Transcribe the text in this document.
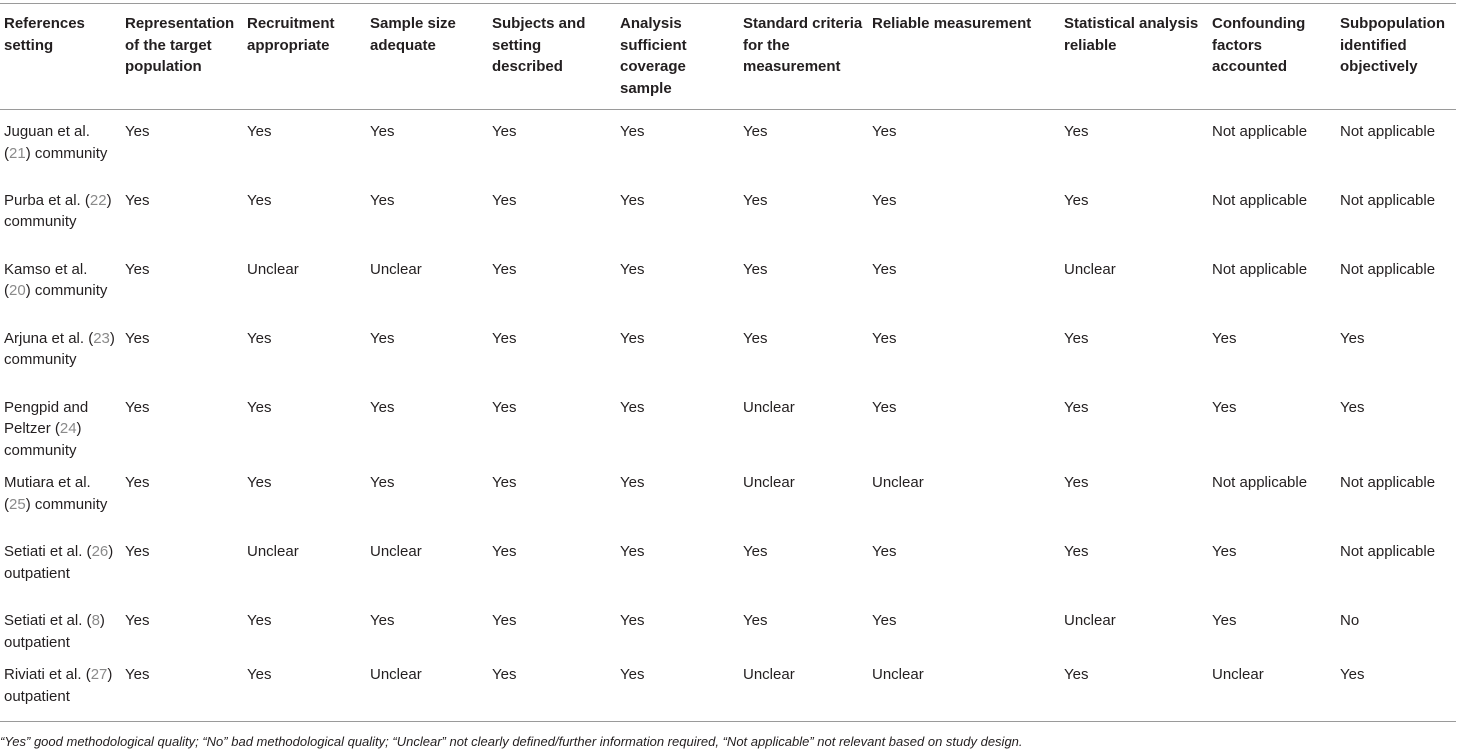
References setting	Representation of the target population	Recruitment appropriate	Sample size adequate	Subjects and setting described	Analysis sufficient coverage sample	Standard criteria for the measurement	Reliable measurement	Statistical analysis reliable	Confounding factors accounted	Subpopulation identified objectively
Juguan et al. (21) community	Yes	Yes	Yes	Yes	Yes	Yes	Yes	Yes	Not applicable	Not applicable
Purba et al. (22) community	Yes	Yes	Yes	Yes	Yes	Yes	Yes	Yes	Not applicable	Not applicable
Kamso et al. (20) community	Yes	Unclear	Unclear	Yes	Yes	Yes	Yes	Unclear	Not applicable	Not applicable
Arjuna et al. (23) community	Yes	Yes	Yes	Yes	Yes	Yes	Yes	Yes	Yes	Yes
Pengpid and Peltzer (24) community	Yes	Yes	Yes	Yes	Yes	Unclear	Yes	Yes	Yes	Yes
Mutiara et al. (25) community	Yes	Yes	Yes	Yes	Yes	Unclear	Unclear	Yes	Not applicable	Not applicable
Setiati et al. (26) outpatient	Yes	Unclear	Unclear	Yes	Yes	Yes	Yes	Yes	Yes	Not applicable
Setiati et al. (8) outpatient	Yes	Yes	Yes	Yes	Yes	Yes	Yes	Unclear	Yes	No
Riviati et al. (27) outpatient	Yes	Yes	Unclear	Yes	Yes	Unclear	Unclear	Yes	Unclear	Yes
“Yes” good methodological quality; “No” bad methodological quality; “Unclear” not clearly defined/further information required, “Not applicable” not relevant based on study design.
